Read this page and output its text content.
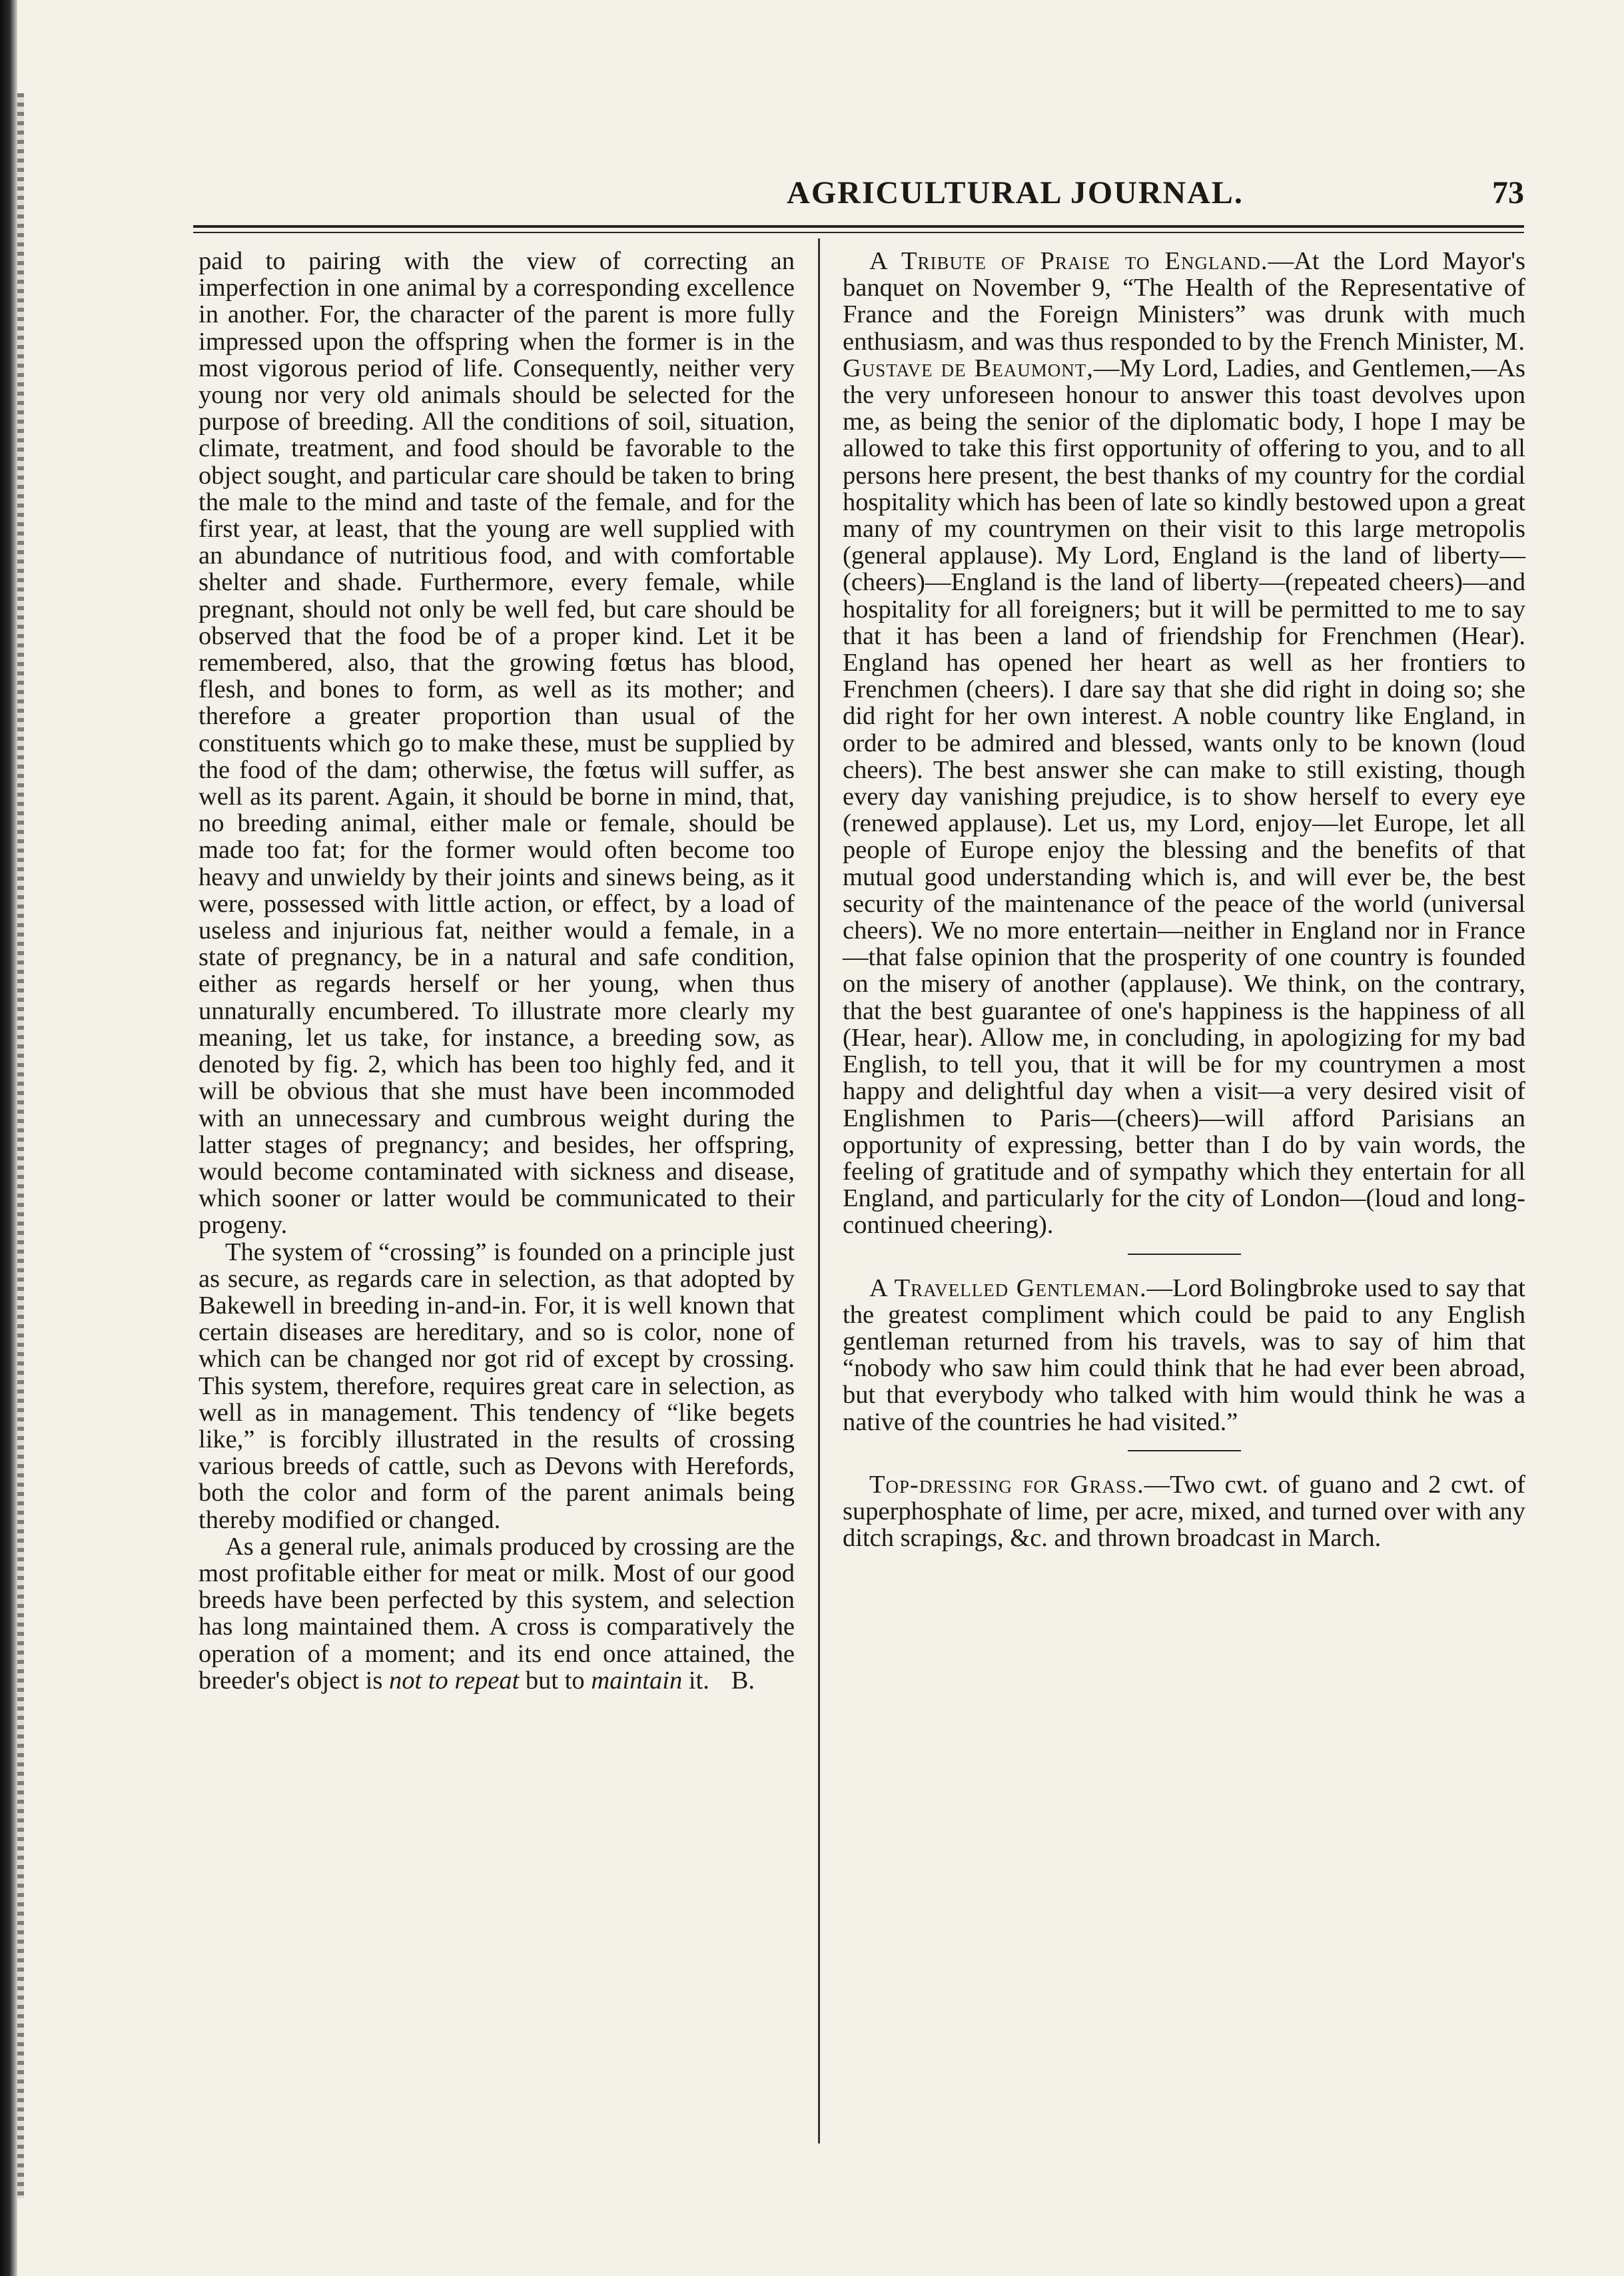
AGRICULTURAL JOURNAL.	73

paid to pairing with the view of correcting an imperfection in one animal by a corresponding excellence in another. For, the character of the parent is more fully impressed upon the offspring when the former is in the most vigorous period of life. Consequently, neither very young nor very old animals should be selected for the purpose of breeding. All the conditions of soil, situation, climate, treatment, and food should be favorable to the object sought, and particular care should be taken to bring the male to the mind and taste of the female, and for the first year, at least, that the young are well supplied with an abundance of nutritious food, and with comfortable shelter and shade. Furthermore, every female, while pregnant, should not only be well fed, but care should be observed that the food be of a proper kind. Let it be remembered, also, that the growing fœtus has blood, flesh, and bones to form, as well as its mother; and therefore a greater proportion than usual of the constituents which go to make these, must be supplied by the food of the dam; otherwise, the fœtus will suffer, as well as its parent. Again, it should be borne in mind, that, no breeding animal, either male or female, should be made too fat; for the former would often become too heavy and unwieldy by their joints and sinews being, as it were, possessed with little action, or effect, by a load of useless and injurious fat, neither would a female, in a state of pregnancy, be in a natural and safe condition, either as regards herself or her young, when thus unnaturally encumbered. To illustrate more clearly my meaning, let us take, for instance, a breeding sow, as denoted by fig. 2, which has been too highly fed, and it will be obvious that she must have been incommoded with an unnecessary and cumbrous weight during the latter stages of pregnancy; and besides, her offspring, would become contaminated with sickness and disease, which sooner or latter would be communicated to their progeny.

The system of “crossing” is founded on a principle just as secure, as regards care in selection, as that adopted by Bakewell in breeding in-and-in. For, it is well known that certain diseases are hereditary, and so is color, none of which can be changed nor got rid of except by crossing. This system, therefore, requires great care in selection, as well as in management. This tendency of “like begets like,” is forcibly illustrated in the results of crossing various breeds of cattle, such as Devons with Herefords, both the color and form of the parent animals being thereby modified or changed.

As a general rule, animals produced by crossing are the most profitable either for meat or milk. Most of our good breeds have been perfected by this system, and selection has long maintained them. A cross is comparatively the operation of a moment; and its end once attained, the breeder's object is not to repeat but to maintain it. B.

A Tribute of Praise to England.—At the Lord Mayor's banquet on November 9, “The Health of the Representative of France and the Foreign Ministers” was drunk with much enthusiasm, and was thus responded to by the French Minister, M. Gustave de Beaumont,—My Lord, Ladies, and Gentlemen,—As the very unforeseen honour to answer this toast devolves upon me, as being the senior of the diplomatic body, I hope I may be allowed to take this first opportunity of offering to you, and to all persons here present, the best thanks of my country for the cordial hospitality which has been of late so kindly bestowed upon a great many of my countrymen on their visit to this large metropolis (general applause). My Lord, England is the land of liberty—(cheers)—England is the land of liberty—(repeated cheers)—and hospitality for all foreigners; but it will be permitted to me to say that it has been a land of friendship for Frenchmen (Hear). England has opened her heart as well as her frontiers to Frenchmen (cheers). I dare say that she did right in doing so; she did right for her own interest. A noble country like England, in order to be admired and blessed, wants only to be known (loud cheers). The best answer she can make to still existing, though every day vanishing prejudice, is to show herself to every eye (renewed applause). Let us, my Lord, enjoy—let Europe, let all people of Europe enjoy the blessing and the benefits of that mutual good understanding which is, and will ever be, the best security of the maintenance of the peace of the world (universal cheers). We no more entertain—neither in England nor in France—that false opinion that the prosperity of one country is founded on the misery of another (applause). We think, on the contrary, that the best guarantee of one's happiness is the happiness of all (Hear, hear). Allow me, in concluding, in apologizing for my bad English, to tell you, that it will be for my countrymen a most happy and delightful day when a visit—a very desired visit of Englishmen to Paris—(cheers)—will afford Parisians an opportunity of expressing, better than I do by vain words, the feeling of gratitude and of sympathy which they entertain for all England, and particularly for the city of London—(loud and long-continued cheering).

A Travelled Gentleman.—Lord Bolingbroke used to say that the greatest compliment which could be paid to any English gentleman returned from his travels, was to say of him that “nobody who saw him could think that he had ever been abroad, but that everybody who talked with him would think he was a native of the countries he had visited.”

Top-dressing for Grass.—Two cwt. of guano and 2 cwt. of superphosphate of lime, per acre, mixed, and turned over with any ditch scrapings, &c. and thrown broadcast in March.
